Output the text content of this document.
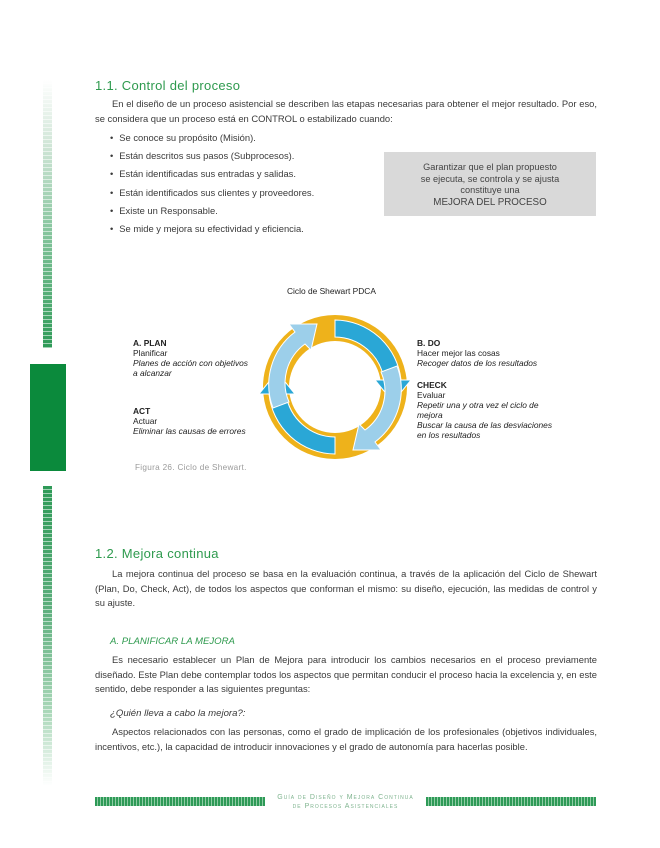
1.1. Control del proceso

En el diseño de un proceso asistencial se describen las etapas necesarias para obtener el mejor resultado. Por eso, se considera que un proceso está en CONTROL o estabilizado cuando:

• Se conoce su propósito (Misión).
• Están descritos sus pasos (Subprocesos).
• Están identificadas sus entradas y salidas.
• Están identificados sus clientes y proveedores.
• Existe un Responsable.
• Se mide y mejora su efectividad y eficiencia.
Garantizar que el plan propuesto
se ejecuta, se controla y se ajusta
constituye una
MEJORA DEL PROCESO
Ciclo de Shewart PDCA
A. PLAN
Planificar
Planes de acción con objetivos
a alcanzar
B. DO
Hacer mejor las cosas
Recoger datos de los resultados
CHECK
Evaluar
Repetir una y otra vez el ciclo de
mejora
Buscar la causa de las desviaciones
en los resultados
ACT
Actuar
Eliminar las causas de errores
Figura 26. Ciclo de Shewart.
1.2. Mejora continua

La mejora continua del proceso se basa en la evaluación continua, a través de la aplicación del Ciclo de Shewart (Plan, Do, Check, Act), de todos los aspectos que conforman el mismo: su diseño, ejecución, las medidas de control y su ajuste.

A. PLANIFICAR LA MEJORA

Es necesario establecer un Plan de Mejora para introducir los cambios necesarios en el proceso previamente diseñado. Este Plan debe contemplar todos los aspectos que permitan conducir el proceso hacia la excelencia y, en este sentido, debe responder a las siguientes preguntas:

¿Quién lleva a cabo la mejora?:

Aspectos relacionados con las personas, como el grado de implicación de los profesionales (objetivos individuales, incentivos, etc.), la capacidad de introducir innovaciones y el grado de autonomía para hacerlas posible.

Guía de Diseño y Mejora Continua
de Procesos Asistenciales
